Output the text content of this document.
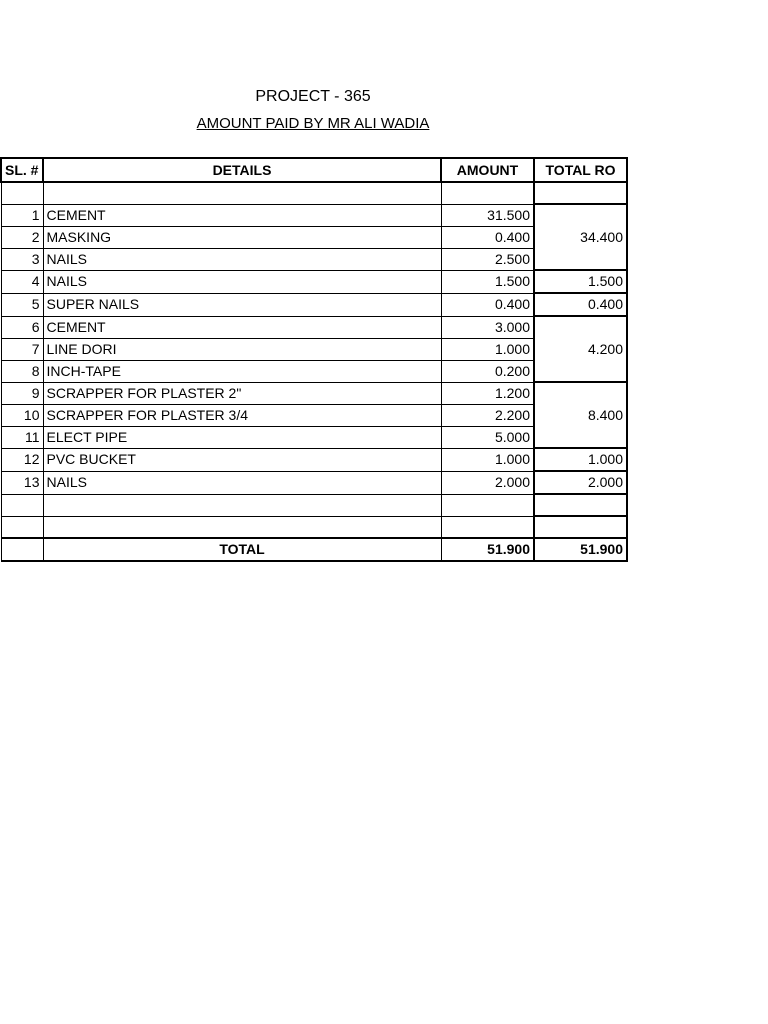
PROJECT - 365
AMOUNT PAID BY MR ALI WADIA
SL. #	DETAILS	AMOUNT	TOTAL RO

1	CEMENT	31.500	34.400
2	MASKING	0.400	
3	NAILS	2.500	
4	NAILS	1.500	1.500
5	SUPER NAILS	0.400	0.400
6	CEMENT	3.000	4.200
7	LINE DORI	1.000	
8	INCH-TAPE	0.200	
9	SCRAPPER FOR PLASTER 2"	1.200	8.400
10	SCRAPPER FOR PLASTER 3/4	2.200	
11	ELECT PIPE	5.000	
12	PVC BUCKET	1.000	1.000
13	NAILS	2.000	2.000

	TOTAL	51.900	51.900
